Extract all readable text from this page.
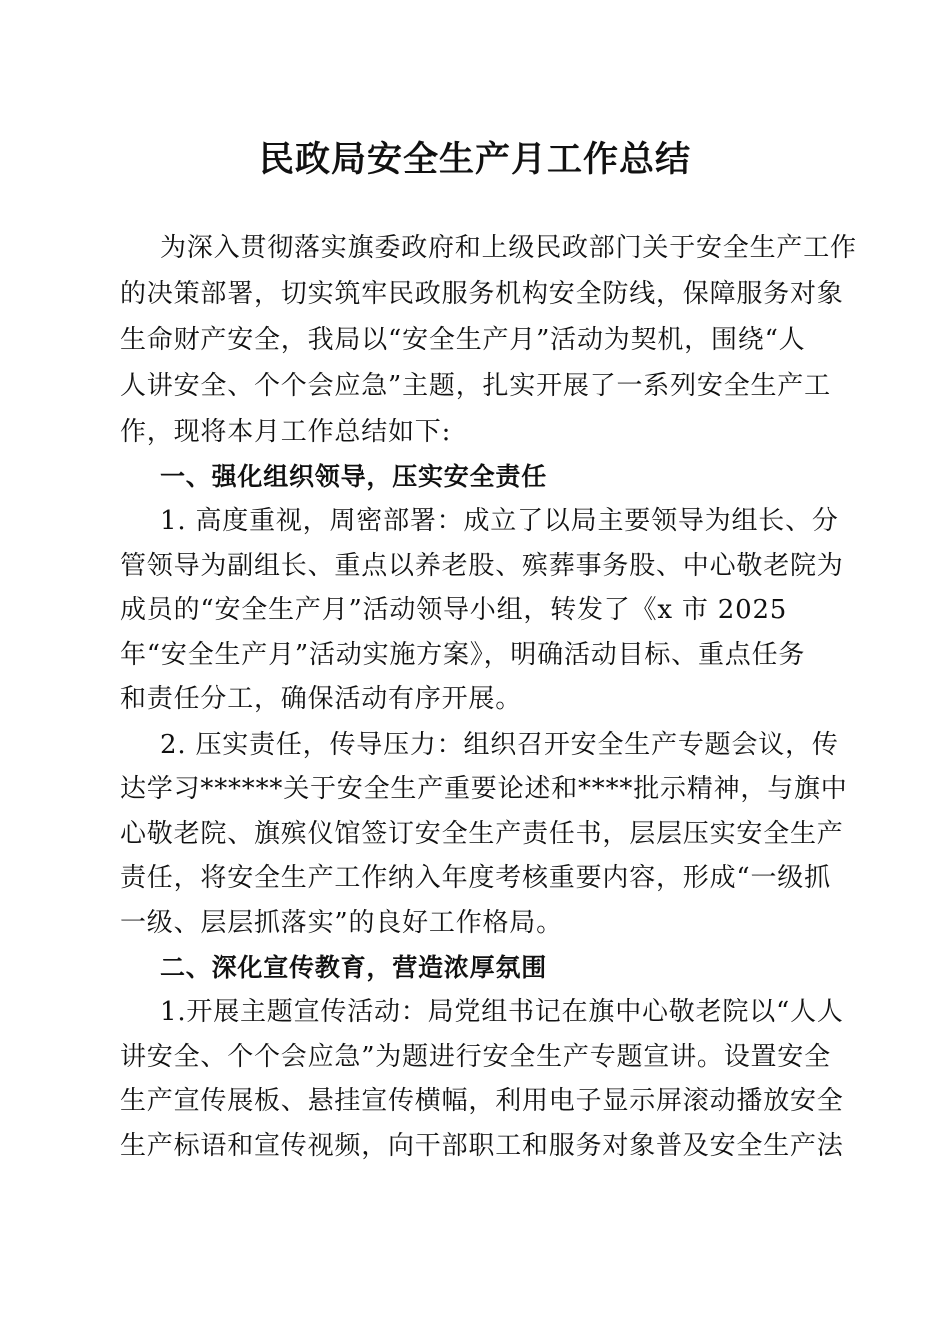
民政局安全生产月工作总结
为深入贯彻落实旗委政府和上级民政部门关于安全生产工作
的决策部署，切实筑牢民政服务机构安全防线，保障服务对象
生命财产安全，我局以“安全生产月”活动为契机，围绕“人
人讲安全、个个会应急”主题，扎实开展了一系列安全生产工
作，现将本月工作总结如下:
一、强化组织领导，压实安全责任
1. 高度重视，周密部署：成立了以局主要领导为组长、分
管领导为副组长、重点以养老股、殡葬事务股、中心敬老院为
成员的“安全生产月”活动领导小组，转发了《x 市 2025
年“安全生产月”活动实施方案》，明确活动目标、重点任务
和责任分工，确保活动有序开展。
2. 压实责任，传导压力：组织召开安全生产专题会议，传
达学习******关于安全生产重要论述和****批示精神，与旗中
心敬老院、旗殡仪馆签订安全生产责任书，层层压实安全生产
责任，将安全生产工作纳入年度考核重要内容，形成“一级抓
一级、层层抓落实”的良好工作格局。
二、深化宣传教育，营造浓厚氛围
1.开展主题宣传活动：局党组书记在旗中心敬老院以“人人
讲安全、个个会应急”为题进行安全生产专题宣讲。设置安全
生产宣传展板、悬挂宣传横幅，利用电子显示屏滚动播放安全
生产标语和宣传视频，向干部职工和服务对象普及安全生产法
